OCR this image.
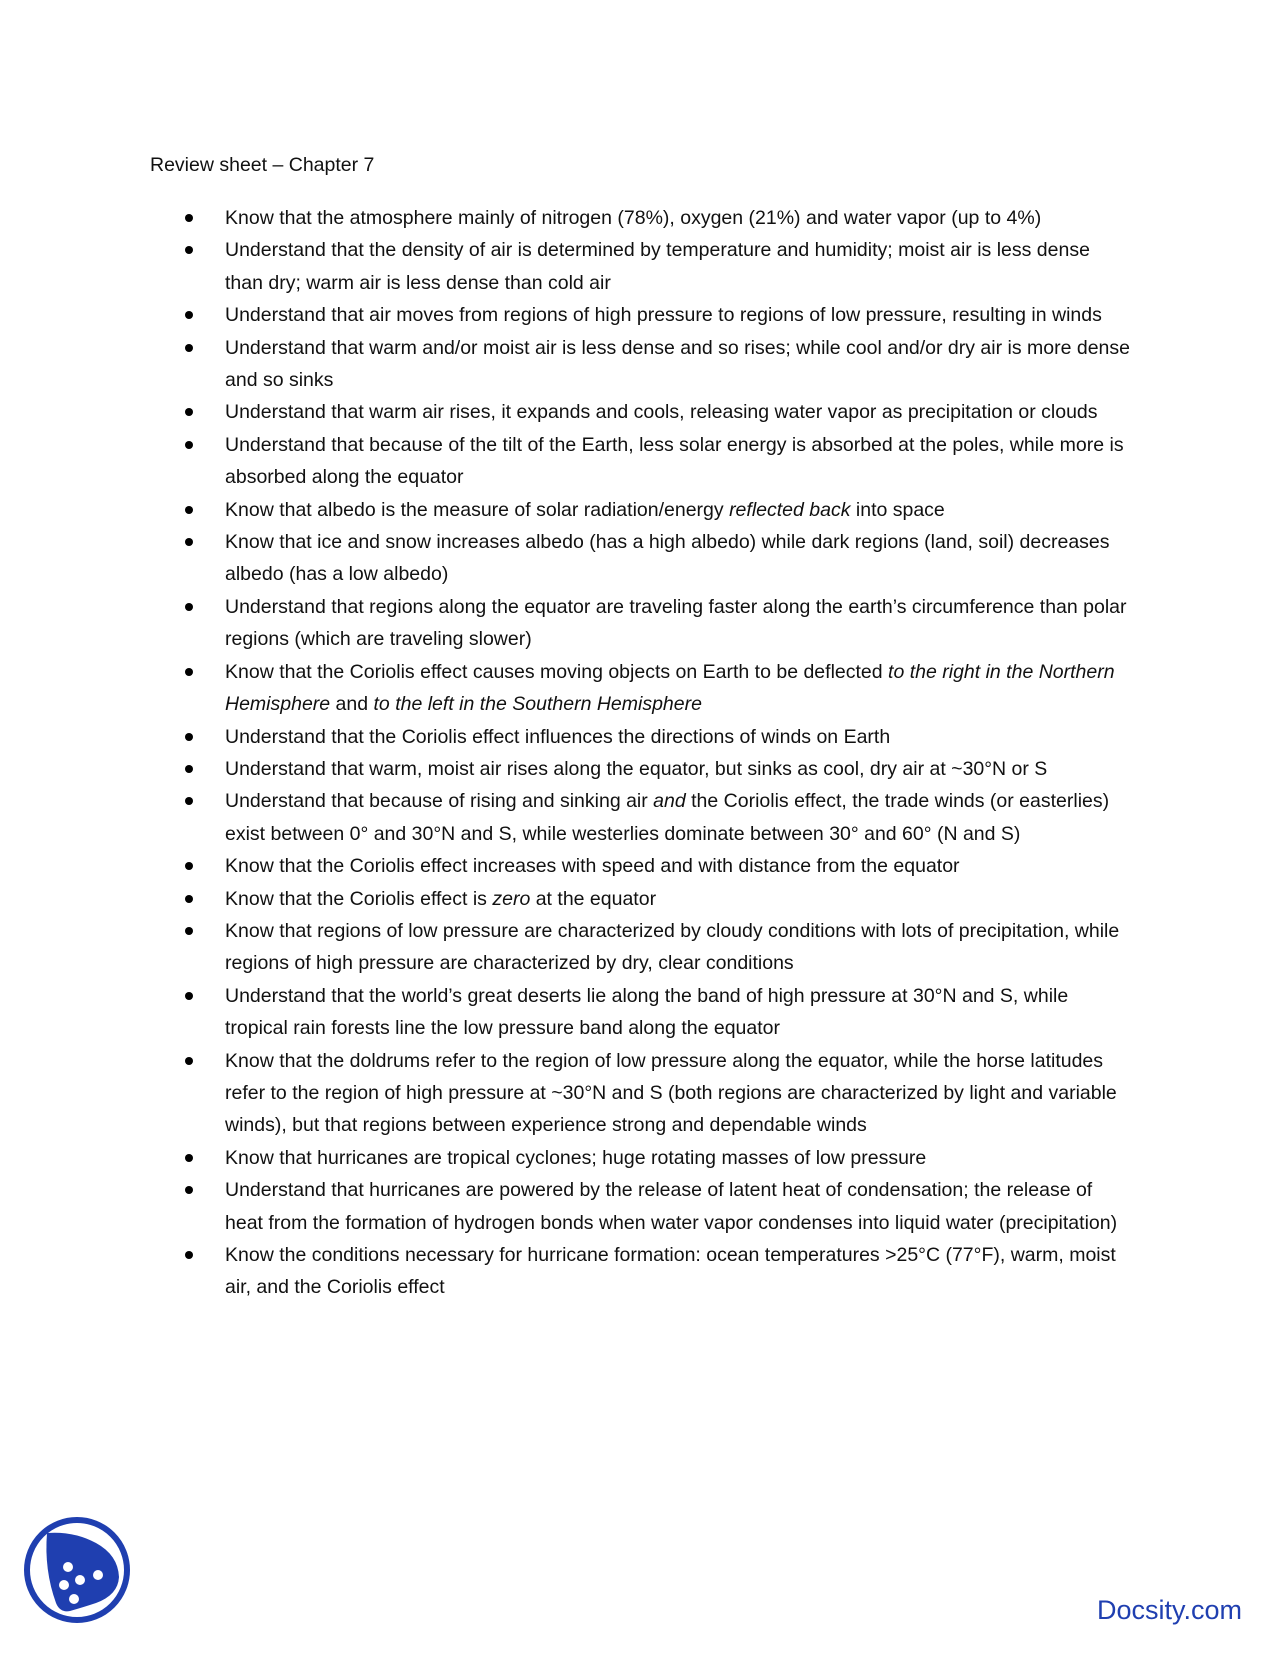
Review sheet – Chapter 7
Know that the atmosphere mainly of nitrogen (78%), oxygen (21%) and water vapor (up to 4%)
Understand that the density of air is determined by temperature and humidity; moist air is less dense than dry; warm air is less dense than cold air
Understand that air moves from regions of high pressure to regions of low pressure, resulting in winds
Understand that warm and/or moist air is less dense and so rises; while cool and/or dry air is more dense and so sinks
Understand that warm air rises, it expands and cools, releasing water vapor as precipitation or clouds
Understand that because of the tilt of the Earth, less solar energy is absorbed at the poles, while more is absorbed along the equator
Know that albedo is the measure of solar radiation/energy reflected back into space
Know that ice and snow increases albedo (has a high albedo) while dark regions (land, soil) decreases albedo (has a low albedo)
Understand that regions along the equator are traveling faster along the earth’s circumference than polar regions (which are traveling slower)
Know that the Coriolis effect causes moving objects on Earth to be deflected to the right in the Northern Hemisphere and to the left in the Southern Hemisphere
Understand that the Coriolis effect influences the directions of winds on Earth
Understand that warm, moist air rises along the equator, but sinks as cool, dry air at ~30°N or S
Understand that because of rising and sinking air and the Coriolis effect, the trade winds (or easterlies) exist between 0° and 30°N and S, while westerlies dominate between 30° and 60° (N and S)
Know that the Coriolis effect increases with speed and with distance from the equator
Know that the Coriolis effect is zero at the equator
Know that regions of low pressure are characterized by cloudy conditions with lots of precipitation, while regions of high pressure are characterized by dry, clear conditions
Understand that the world’s great deserts lie along the band of high pressure at 30°N and S, while tropical rain forests line the low pressure band along the equator
Know that the doldrums refer to the region of low pressure along the equator, while the horse latitudes refer to the region of high pressure at ~30°N and S (both regions are characterized by light and variable winds), but that regions between experience strong and dependable winds
Know that hurricanes are tropical cyclones; huge rotating masses of low pressure
Understand that hurricanes are powered by the release of latent heat of condensation; the release of heat from the formation of hydrogen bonds when water vapor condenses into liquid water (precipitation)
Know the conditions necessary for hurricane formation: ocean temperatures >25°C (77°F), warm, moist air, and the Coriolis effect
Docsity.com
